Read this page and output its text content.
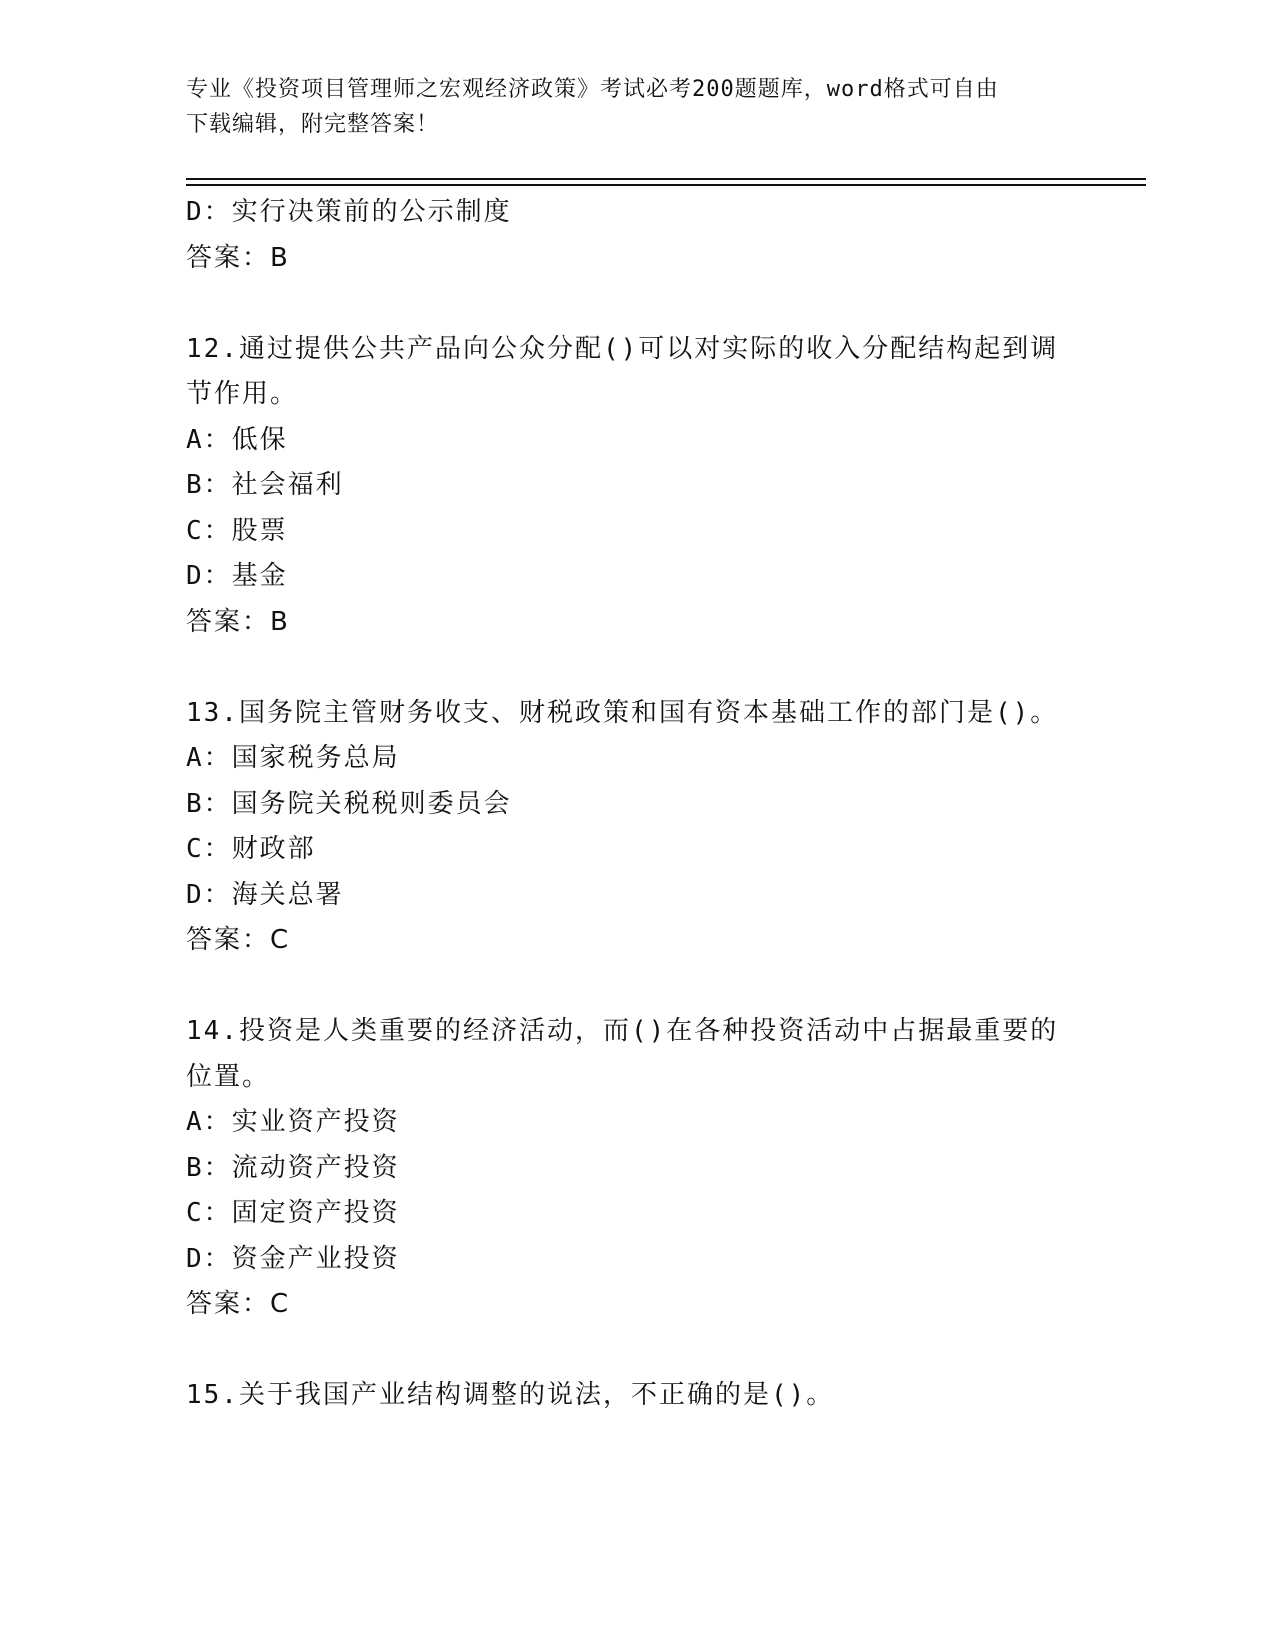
专业《投资项目管理师之宏观经济政策》考试必考200题题库，word格式可自由
下载编辑，附完整答案！
D：实行决策前的公示制度
答案：B
12.通过提供公共产品向公众分配()可以对实际的收入分配结构起到调
节作用。
A：低保
B：社会福利
C：股票
D：基金
答案：B
13.国务院主管财务收支、财税政策和国有资本基础工作的部门是()。
A：国家税务总局
B：国务院关税税则委员会
C：财政部
D：海关总署
答案：C
14.投资是人类重要的经济活动，而()在各种投资活动中占据最重要的
位置。
A：实业资产投资
B：流动资产投资
C：固定资产投资
D：资金产业投资
答案：C
15.关于我国产业结构调整的说法，不正确的是()。
